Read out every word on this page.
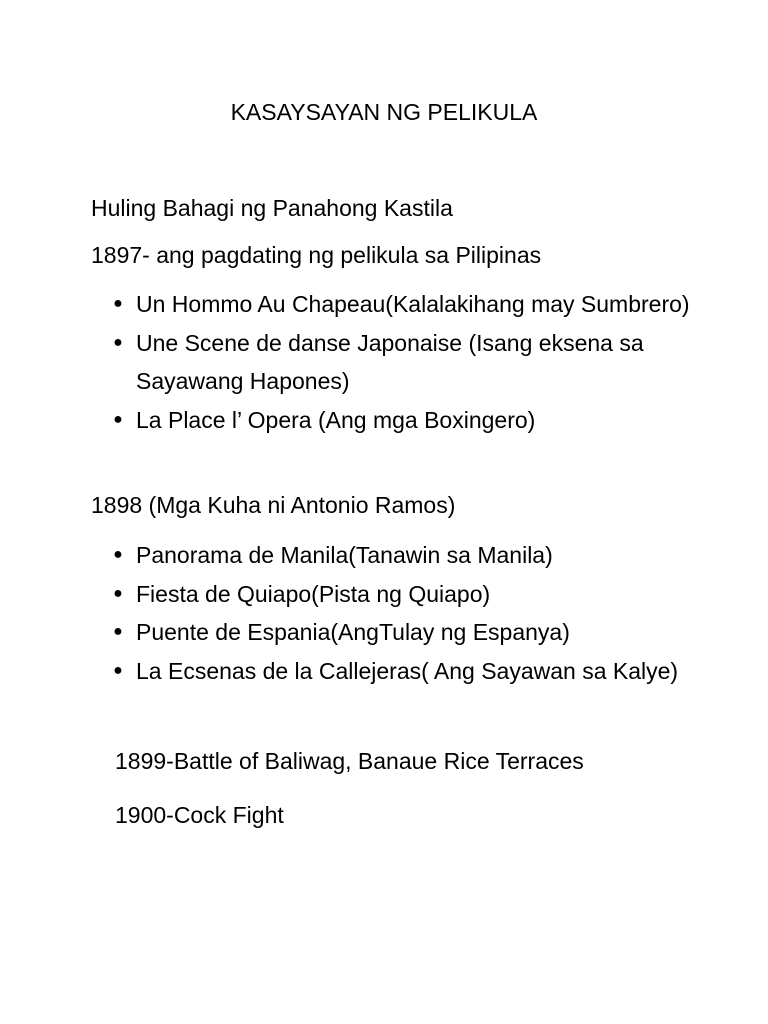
KASAYSAYAN NG PELIKULA

Huling Bahagi ng Panahong Kastila

1897- ang pagdating ng pelikula sa Pilipinas

●
Un Hommo Au Chapeau(Kalalakihang may Sumbrero)
●
Une Scene de danse Japonaise (Isang eksena sa Sayawang Hapones)
●
La Place l’ Opera (Ang mga Boxingero)

1898 (Mga Kuha ni Antonio Ramos)

●
Panorama de Manila(Tanawin sa Manila)
●
Fiesta de Quiapo(Pista ng Quiapo)
●
Puente de Espania(AngTulay ng Espanya)
●
La Ecsenas de la Callejeras( Ang Sayawan sa Kalye)

1899-Battle of Baliwag, Banaue Rice Terraces

1900-Cock Fight
